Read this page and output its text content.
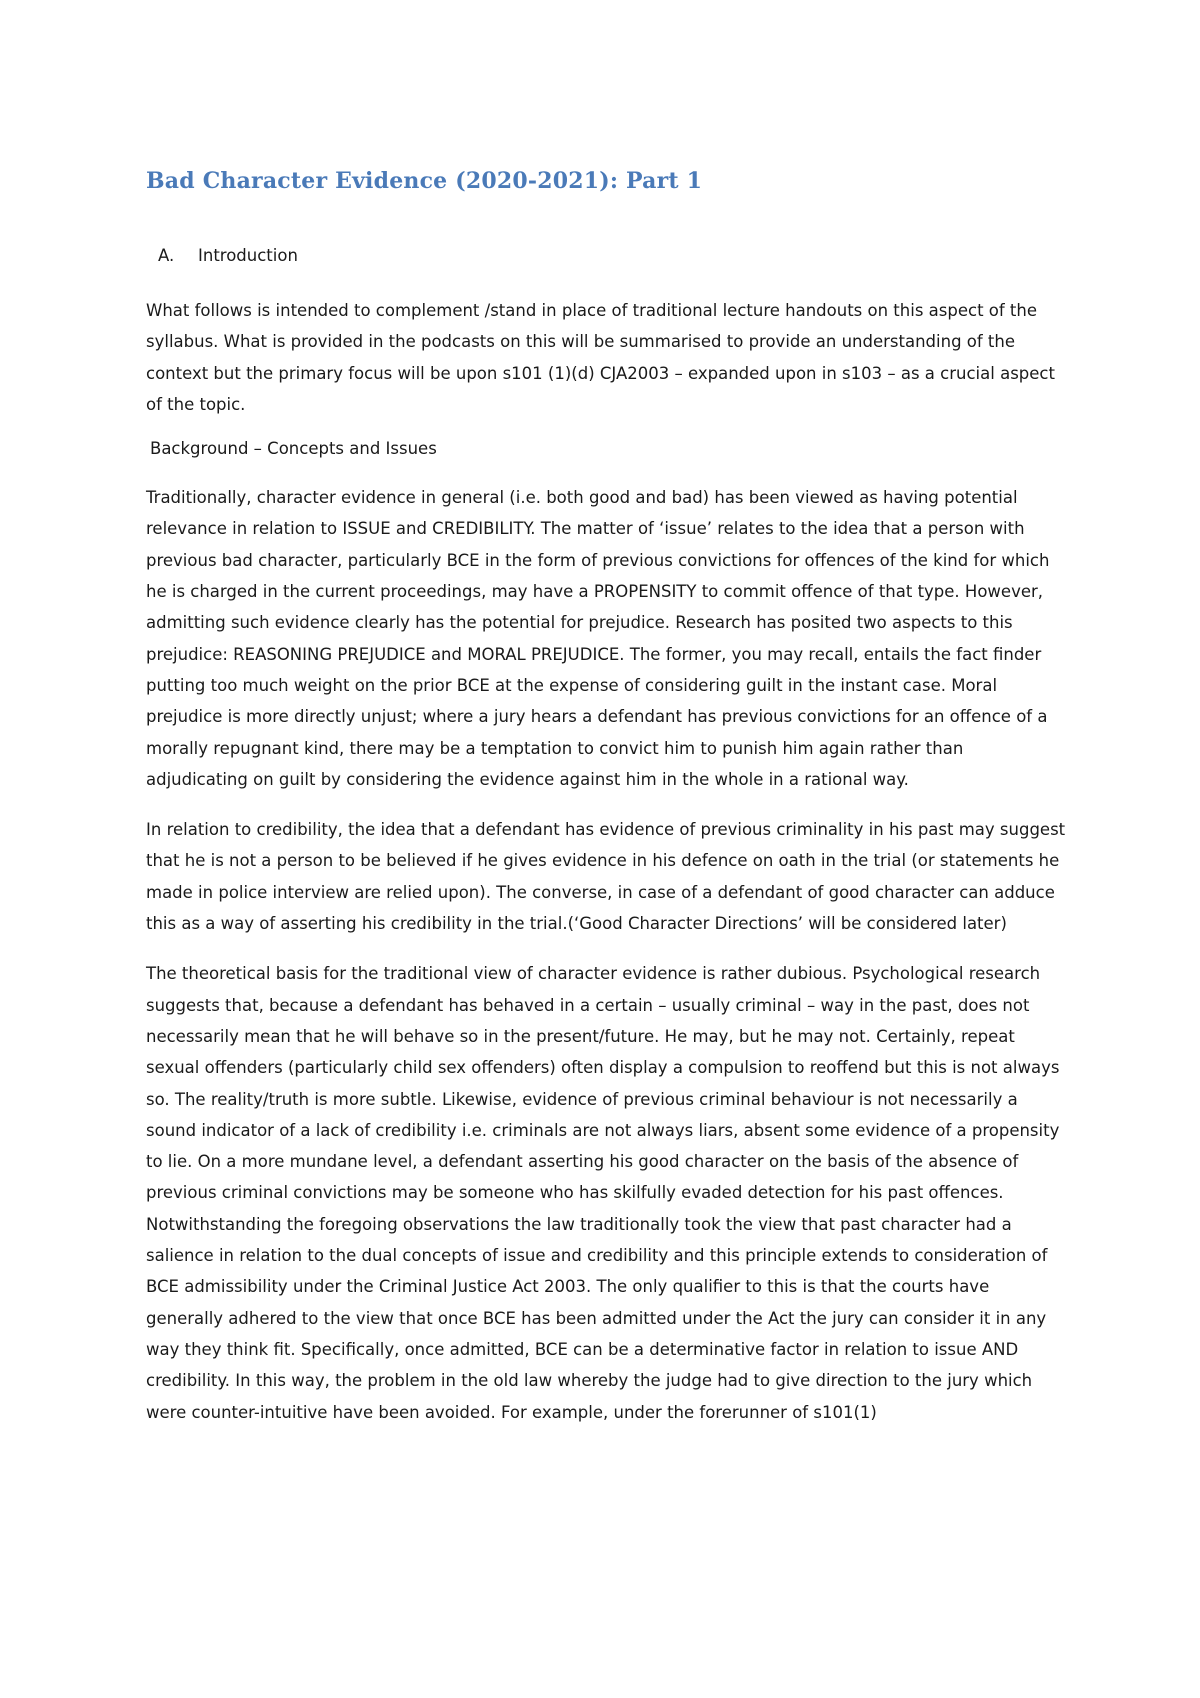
Bad Character Evidence (2020-2021): Part 1
A.	Introduction

What follows is intended to complement /stand in place of traditional lecture handouts on this aspect of the syllabus. What is provided in the podcasts on this will be summarised to provide an understanding of the context but the primary focus will be upon s101 (1)(d) CJA2003 – expanded upon in s103 – as a crucial aspect of the topic.

Background – Concepts and Issues

Traditionally, character evidence in general (i.e. both good and bad) has been viewed as having potential relevance in relation to ISSUE and CREDIBILITY. The matter of ‘issue’ relates to the idea that a person with previous bad character, particularly BCE in the form of previous convictions for offences of the kind for which he is charged in the current proceedings, may have a PROPENSITY to commit offence of that type. However, admitting such evidence clearly has the potential for prejudice. Research has posited two aspects to this prejudice: REASONING PREJUDICE and MORAL PREJUDICE. The former, you may recall, entails the fact finder putting too much weight on the prior BCE at the expense of considering guilt in the instant case. Moral prejudice is more directly unjust; where a jury hears a defendant has previous convictions for an offence of a morally repugnant kind, there may be a temptation to convict him to punish him again rather than adjudicating on guilt by considering the evidence against him in the whole in a rational way.

In relation to credibility, the idea that a defendant has evidence of previous criminality in his past may suggest that he is not a person to be believed if he gives evidence in his defence on oath in the trial (or statements he made in police interview are relied upon). The converse, in case of a defendant of good character can adduce this as a way of asserting his credibility in the trial.(‘Good Character Directions’ will be considered later)

The theoretical basis for the traditional view of character evidence is rather dubious. Psychological research suggests that, because a defendant has behaved in a certain – usually criminal – way in the past, does not necessarily mean that he will behave so in the present/future. He may, but he may not. Certainly, repeat sexual offenders (particularly child sex offenders) often display a compulsion to reoffend but this is not always so. The reality/truth is more subtle. Likewise, evidence of previous criminal behaviour is not necessarily a sound indicator of a lack of credibility i.e. criminals are not always liars, absent some evidence of a propensity to lie. On a more mundane level, a defendant asserting his good character on the basis of the absence of previous criminal convictions may be someone who has skilfully evaded detection for his past offences. Notwithstanding the foregoing observations the law traditionally took the view that past character had a salience in relation to the dual concepts of issue and credibility and this principle extends to consideration of BCE admissibility under the Criminal Justice Act 2003. The only qualifier to this is that the courts have generally adhered to the view that once BCE has been admitted under the Act the jury can consider it in any way they think fit. Specifically, once admitted, BCE can be a determinative factor in relation to issue AND credibility. In this way, the problem in the old law whereby the judge had to give direction to the jury which were counter-intuitive have been avoided. For example, under the forerunner of s101(1)
